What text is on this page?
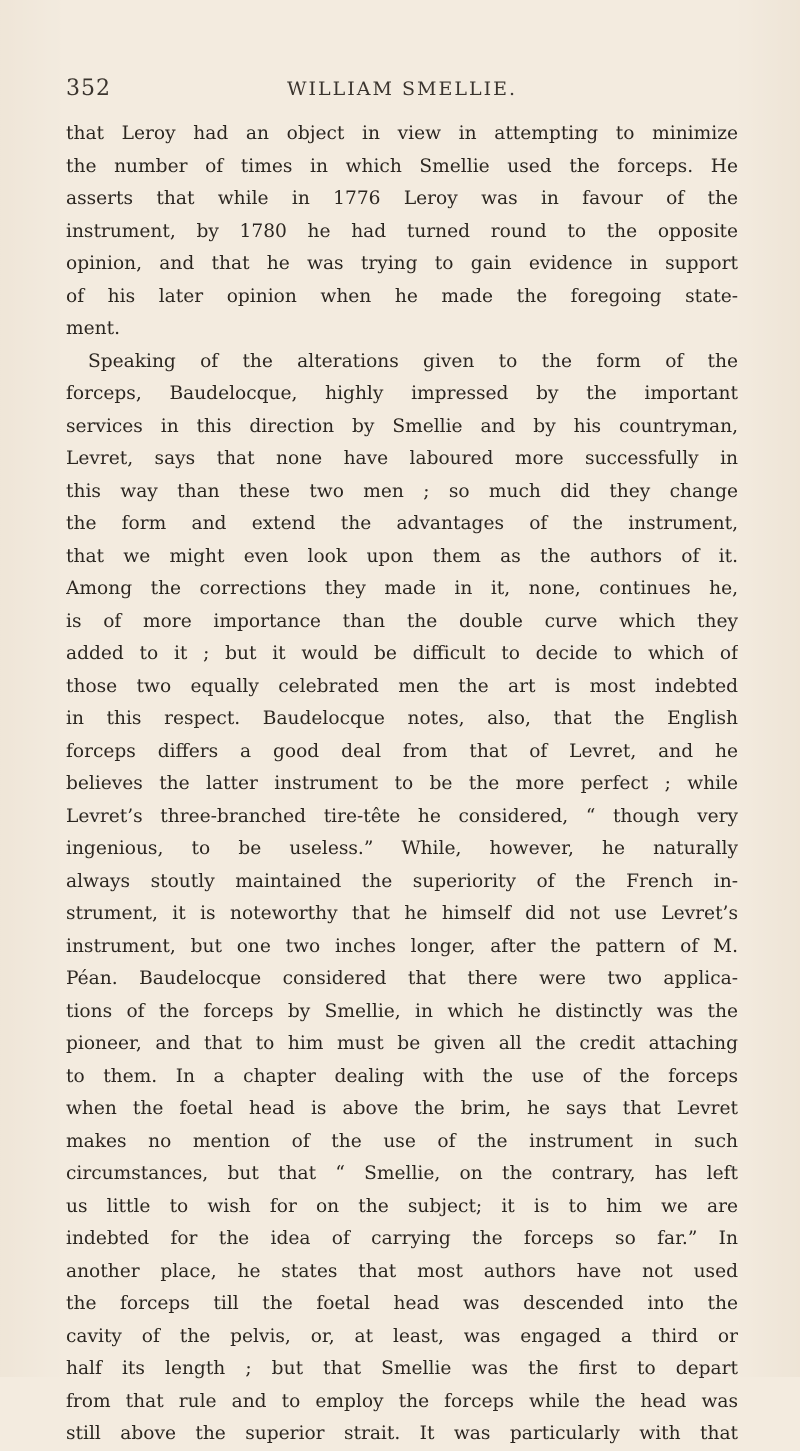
352	WILLIAM SMELLIE.
that Leroy had an object in view in attempting to minimize
the number of times in which Smellie used the forceps. He
asserts that while in 1776 Leroy was in favour of the
instrument, by 1780 he had turned round to the opposite
opinion, and that he was trying to gain evidence in support
of his later opinion when he made the foregoing state-
ment.
Speaking of the alterations given to the form of the
forceps, Baudelocque, highly impressed by the important
services in this direction by Smellie and by his countryman,
Levret, says that none have laboured more successfully in
this way than these two men ; so much did they change
the form and extend the advantages of the instrument,
that we might even look upon them as the authors of it.
Among the corrections they made in it, none, continues he,
is of more importance than the double curve which they
added to it ; but it would be difficult to decide to which of
those two equally celebrated men the art is most indebted
in this respect. Baudelocque notes, also, that the English
forceps differs a good deal from that of Levret, and he
believes the latter instrument to be the more perfect ; while
Levret’s three-branched tire-tête he considered, “ though very
ingenious, to be useless.” While, however, he naturally
always stoutly maintained the superiority of the French in-
strument, it is noteworthy that he himself did not use Levret’s
instrument, but one two inches longer, after the pattern of M.
Péan. Baudelocque considered that there were two applica-
tions of the forceps by Smellie, in which he distinctly was the
pioneer, and that to him must be given all the credit attaching
to them. In a chapter dealing with the use of the forceps
when the foetal head is above the brim, he says that Levret
makes no mention of the use of the instrument in such
circumstances, but that “ Smellie, on the contrary, has left
us little to wish for on the subject; it is to him we are
indebted for the idea of carrying the forceps so far.” In
another place, he states that most authors have not used
the forceps till the foetal head was descended into the
cavity of the pelvis, or, at least, was engaged a third or
half its length ; but that Smellie was the first to depart
from that rule and to employ the forceps while the head was
still above the superior strait. It was particularly with that
